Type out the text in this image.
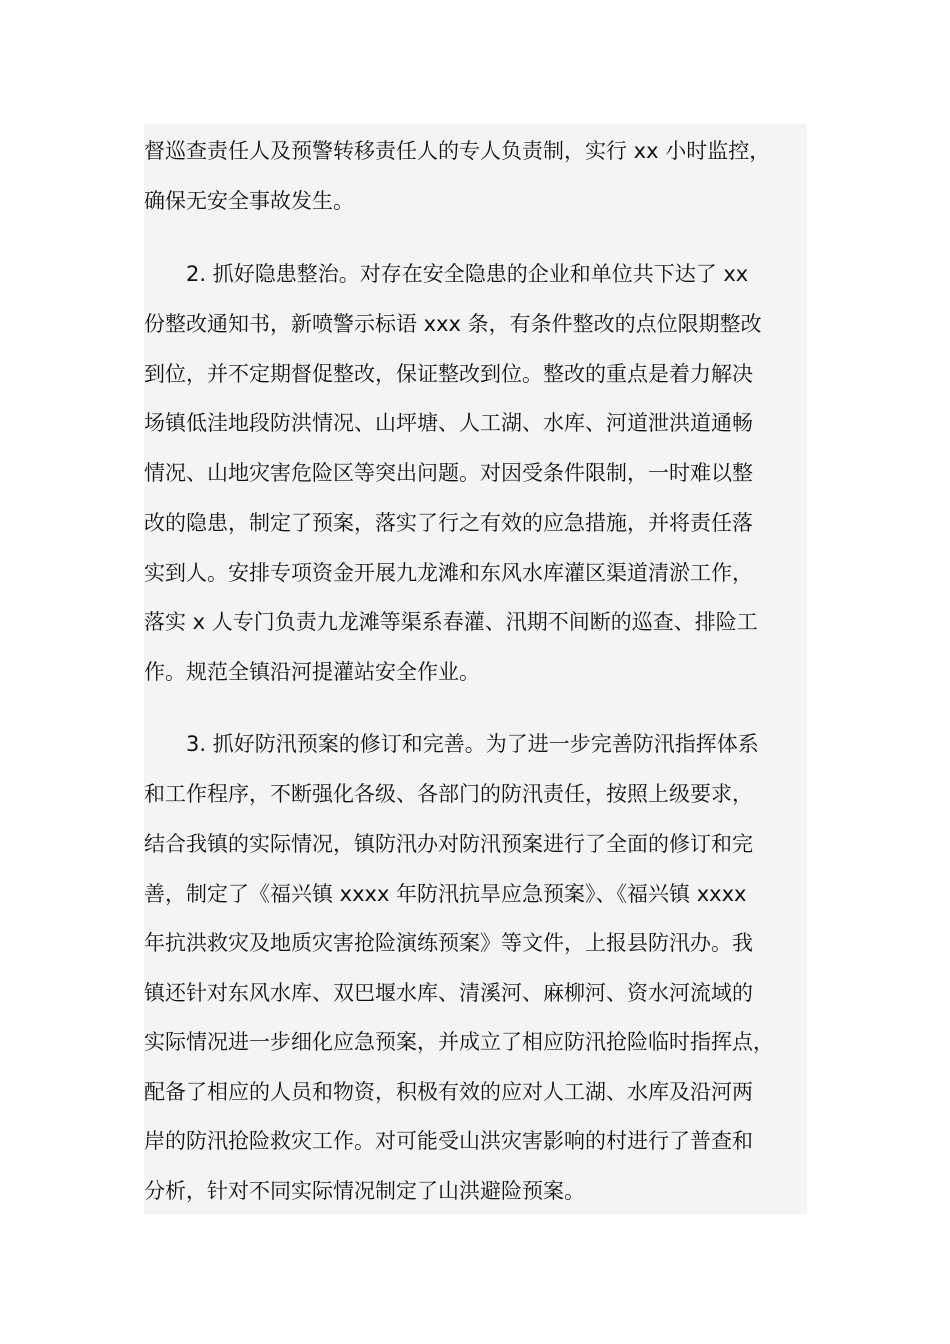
督巡查责任人及预警转移责任人的专人负责制，实行 xx 小时监控，
确保无安全事故发生。
2. 抓好隐患整治。对存在安全隐患的企业和单位共下达了 xx
份整改通知书，新喷警示标语 xxx 条，有条件整改的点位限期整改
到位，并不定期督促整改，保证整改到位。整改的重点是着力解决
场镇低洼地段防洪情况、山坪塘、人工湖、水库、河道泄洪道通畅
情况、山地灾害危险区等突出问题。对因受条件限制，一时难以整
改的隐患，制定了预案，落实了行之有效的应急措施，并将责任落
实到人。安排专项资金开展九龙滩和东风水库灌区渠道清淤工作，
落实 x 人专门负责九龙滩等渠系春灌、汛期不间断的巡查、排险工
作。规范全镇沿河提灌站安全作业。
3. 抓好防汛预案的修订和完善。为了进一步完善防汛指挥体系
和工作程序，不断强化各级、各部门的防汛责任，按照上级要求，
结合我镇的实际情况，镇防汛办对防汛预案进行了全面的修订和完
善，制定了《福兴镇 xxxx 年防汛抗旱应急预案》、《福兴镇 xxxx
年抗洪救灾及地质灾害抢险演练预案》等文件，上报县防汛办。我
镇还针对东风水库、双巴堰水库、清溪河、麻柳河、资水河流域的
实际情况进一步细化应急预案，并成立了相应防汛抢险临时指挥点，
配备了相应的人员和物资，积极有效的应对人工湖、水库及沿河两
岸的防汛抢险救灾工作。对可能受山洪灾害影响的村进行了普查和
分析，针对不同实际情况制定了山洪避险预案。
